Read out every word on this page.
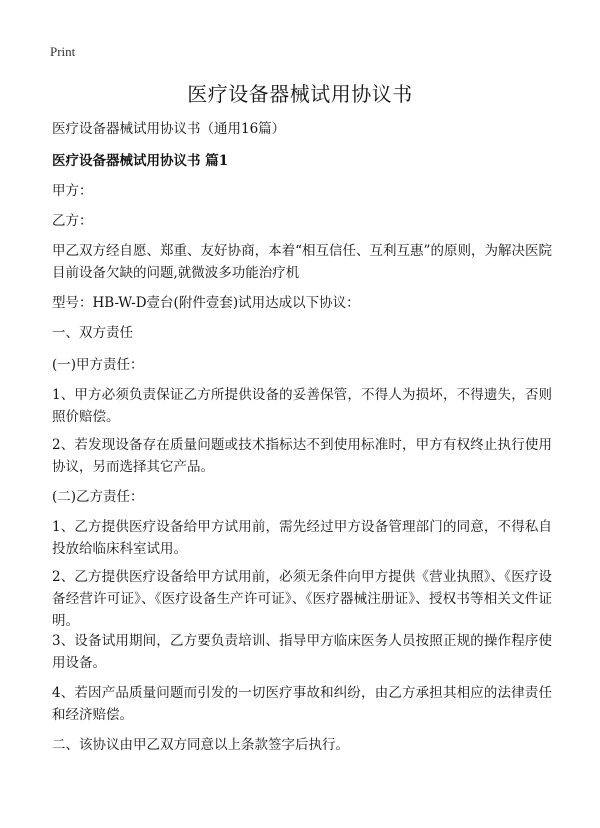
Print
医疗设备器械试用协议书

医疗设备器械试用协议书（通用16篇）

医疗设备器械试用协议书 篇1

甲方：

乙方：

甲乙双方经自愿、郑重、友好协商，本着“相互信任、互利互惠”的原则，为解决医院目前设备欠缺的问题,就微波多功能治疗机

型号：HB-W-D壹台(附件壹套)试用达成以下协议：

一、双方责任

(一)甲方责任：

1、甲方必须负责保证乙方所提供设备的妥善保管，不得人为损坏，不得遗失，否则照价赔偿。

2、若发现设备存在质量问题或技术指标达不到使用标准时，甲方有权终止执行使用协议，另而选择其它产品。

(二)乙方责任：

1、乙方提供医疗设备给甲方试用前，需先经过甲方设备管理部门的同意，不得私自投放给临床科室试用。

2、乙方提供医疗设备给甲方试用前，必须无条件向甲方提供《营业执照》、《医疗设备经营许可证》、《医疗设备生产许可证》、《医疗器械注册证》、授权书等相关文件证明。

3、设备试用期间，乙方要负责培训、指导甲方临床医务人员按照正规的操作程序使用设备。

4、若因产品质量问题而引发的一切医疗事故和纠纷，由乙方承担其相应的法律责任和经济赔偿。

二、该协议由甲乙双方同意以上条款签字后执行。
